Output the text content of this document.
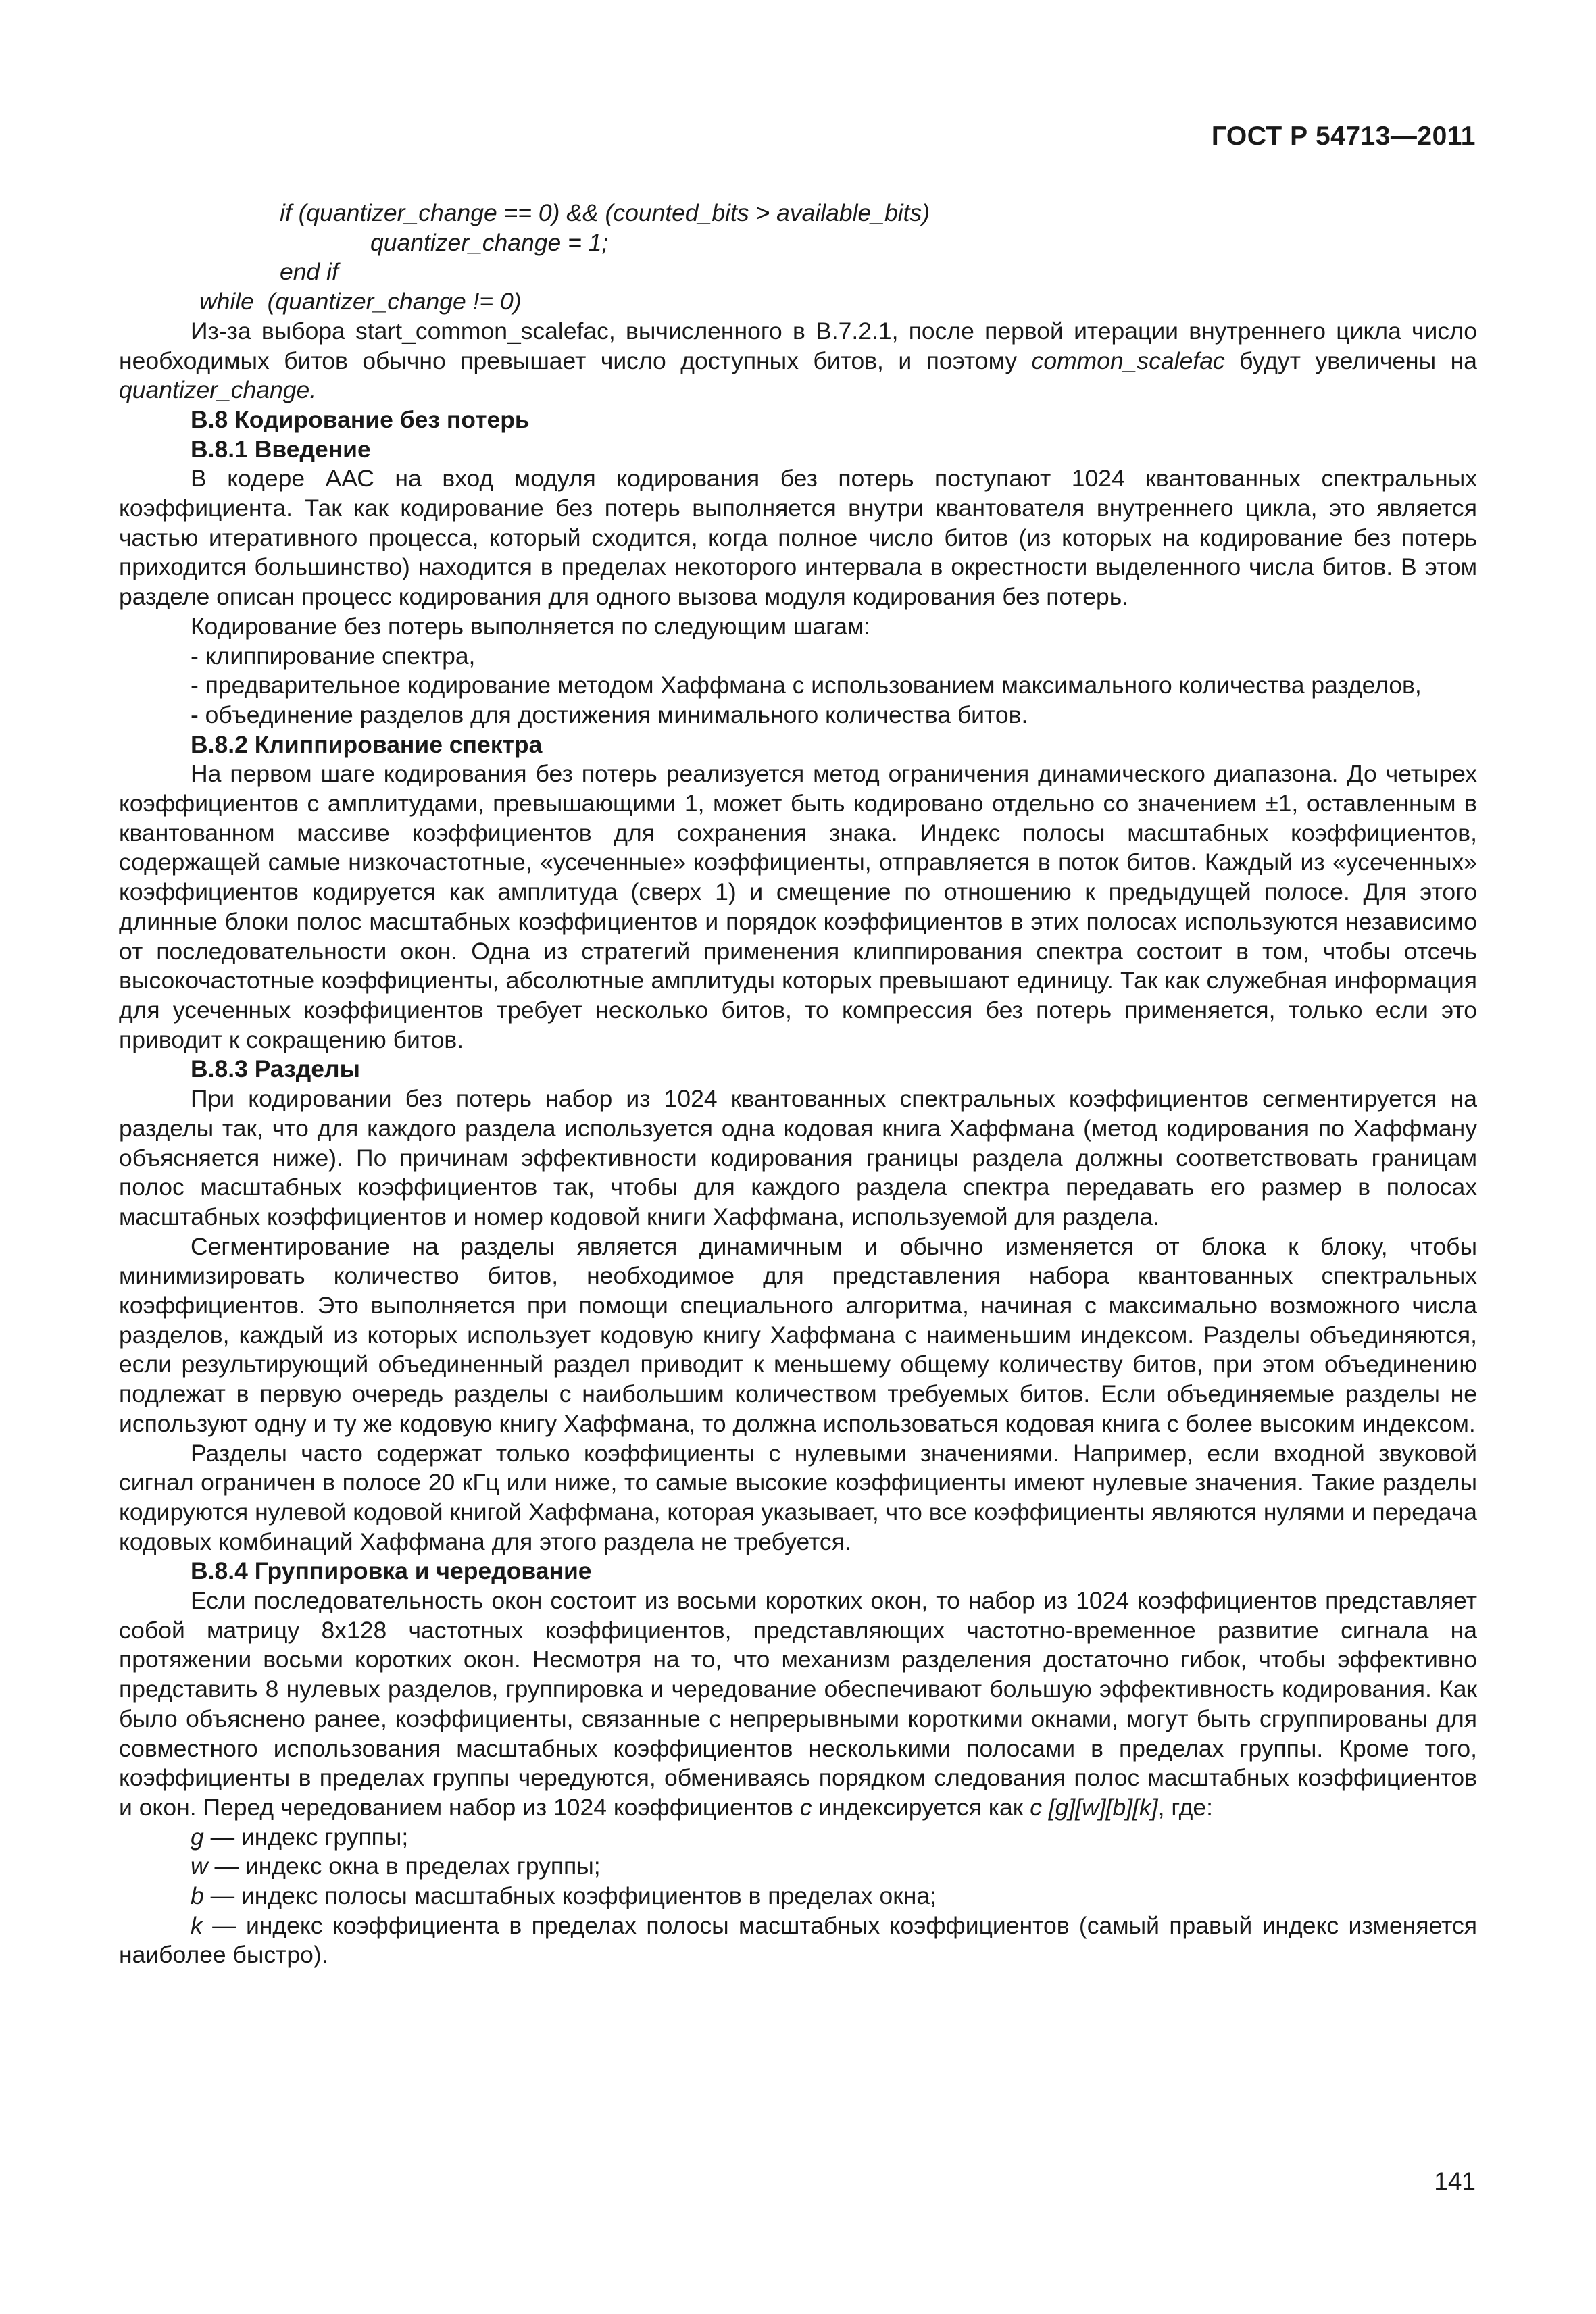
ГОСТ Р 54713—2011
if (quantizer_change == 0) && (counted_bits > available_bits)
quantizer_change = 1;
end if
while  (quantizer_change != 0)

Из-за выбора start_common_scalefac, вычисленного в В.7.2.1, после первой итерации внутреннего цикла число необходимых битов обычно превышает число доступных битов, и поэтому common_scalefac будут увеличены на quantizer_change.

В.8 Кодирование без потерь
В.8.1 Введение

В кодере ААС на вход модуля кодирования без потерь поступают 1024 квантованных спектральных коэффициента. Так как кодирование без потерь выполняется внутри квантователя внутреннего цикла, это является частью итеративного процесса, который сходится, когда полное число битов (из которых на кодирование без потерь приходится большинство) находится в пределах некоторого интервала в окрестности выделенного числа битов. В этом разделе описан процесс кодирования для одного вызова модуля кодирования без потерь.

Кодирование без потерь выполняется по следующим шагам:

- клиппирование спектра,

- предварительное кодирование методом Хаффмана с использованием максимального количества разделов,

- объединение разделов для достижения минимального количества битов.

В.8.2 Клиппирование спектра

На первом шаге кодирования без потерь реализуется метод ограничения динамического диапазона. До четырех коэффициентов с амплитудами, превышающими 1, может быть кодировано отдельно со значением ±1, оставленным в квантованном массиве коэффициентов для сохранения знака. Индекс полосы масштабных коэффициентов, содержащей самые низкочастотные, «усеченные» коэффициенты, отправляется в поток битов. Каждый из «усеченных» коэффициентов кодируется как амплитуда (сверх 1) и смещение по отношению к предыдущей полосе. Для этого длинные блоки полос масштабных коэффициентов и порядок коэффициентов в этих полосах используются независимо от последовательности окон. Одна из стратегий применения клиппирования спектра состоит в том, чтобы отсечь высокочастотные коэффициенты, абсолютные амплитуды которых превышают единицу. Так как служебная информация для усеченных коэффициентов требует несколько битов, то компрессия без потерь применяется, только если это приводит к сокращению битов.

В.8.3 Разделы

При кодировании без потерь набор из 1024 квантованных спектральных коэффициентов сегментируется на разделы так, что для каждого раздела используется одна кодовая книга Хаффмана (метод кодирования по Хаффману объясняется ниже). По причинам эффективности кодирования границы раздела должны соответствовать границам полос масштабных коэффициентов так, чтобы для каждого раздела спектра передавать его размер в полосах масштабных коэффициентов и номер кодовой книги Хаффмана, используемой для раздела.

Сегментирование на разделы является динамичным и обычно изменяется от блока к блоку, чтобы минимизировать количество битов, необходимое для представления набора квантованных спектральных коэффициентов. Это выполняется при помощи специального алгоритма, начиная с максимально возможного числа разделов, каждый из которых использует кодовую книгу Хаффмана с наименьшим индексом. Разделы объединяются, если результирующий объединенный раздел приводит к меньшему общему количеству битов, при этом объединению подлежат в первую очередь разделы с наибольшим количеством требуемых битов. Если объединяемые разделы не используют одну и ту же кодовую книгу Хаффмана, то должна использоваться кодовая книга с более высоким индексом.

Разделы часто содержат только коэффициенты с нулевыми значениями. Например, если входной звуковой сигнал ограничен в полосе 20 кГц или ниже, то самые высокие коэффициенты имеют нулевые значения. Такие разделы кодируются нулевой кодовой книгой Хаффмана, которая указывает, что все коэффициенты являются нулями и передача кодовых комбинаций Хаффмана для этого раздела не требуется.

В.8.4 Группировка и чередование

Если последовательность окон состоит из восьми коротких окон, то набор из 1024 коэффициентов представляет собой матрицу 8х128 частотных коэффициентов, представляющих частотно-временное развитие сигнала на протяжении восьми коротких окон. Несмотря на то, что механизм разделения достаточно гибок, чтобы эффективно представить 8 нулевых разделов, группировка и чередование обеспечивают большую эффективность кодирования. Как было объяснено ранее, коэффициенты, связанные с непрерывными короткими окнами, могут быть сгруппированы для совместного использования масштабных коэффициентов несколькими полосами в пределах группы. Кроме того, коэффициенты в пределах группы чередуются, обмениваясь порядком следования полос масштабных коэффициентов и окон. Перед чередованием набор из 1024 коэффициентов с индексируется как с [g][w][b][k], где:

g — индекс группы;

w — индекс окна в пределах группы;

b — индекс полосы масштабных коэффициентов в пределах окна;

k — индекс коэффициента в пределах полосы масштабных коэффициентов (самый правый индекс изменяется наиболее быстро).

141
